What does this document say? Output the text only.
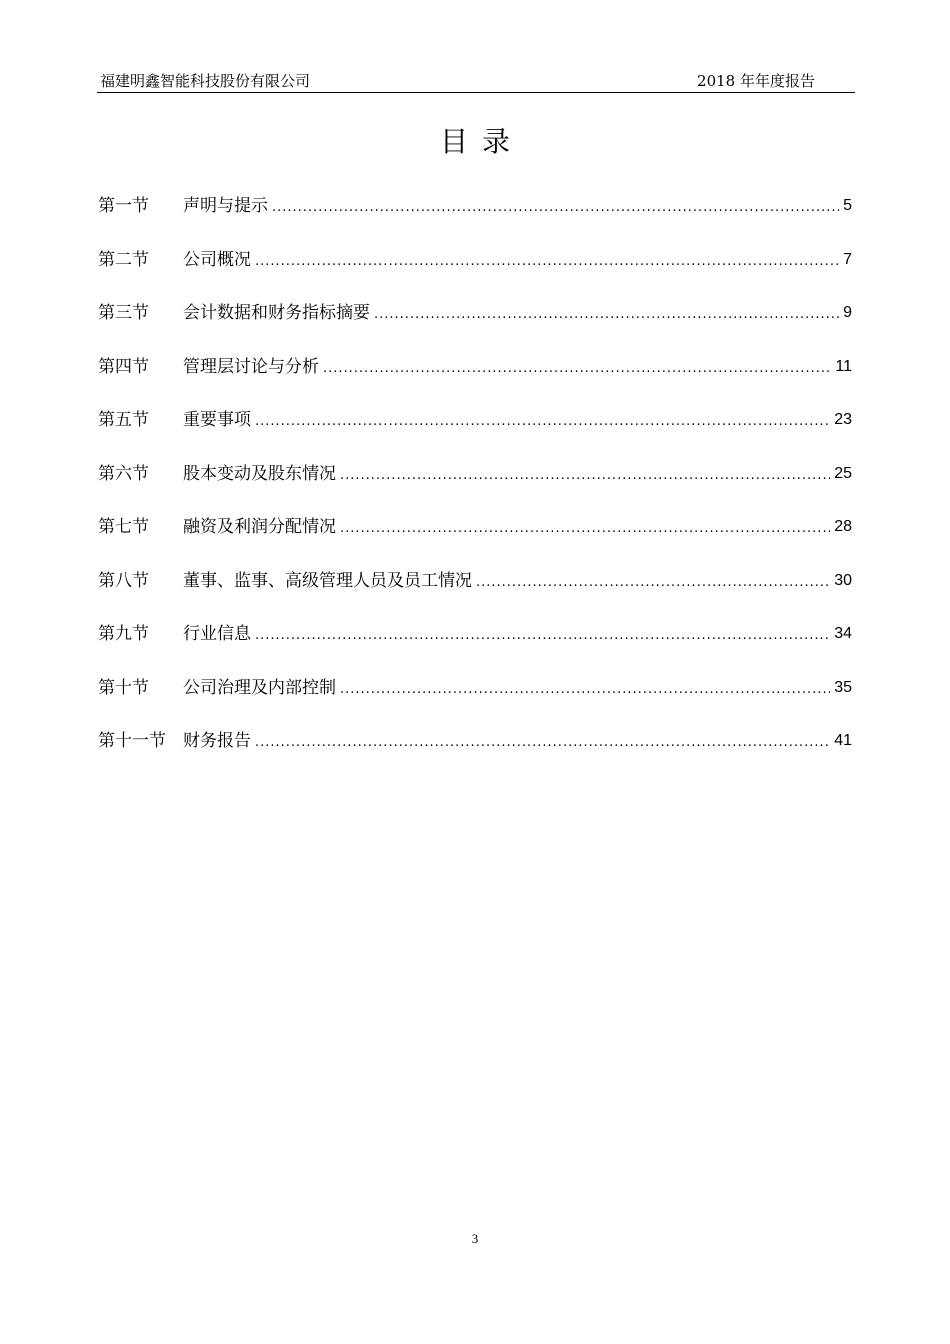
福建明鑫智能科技股份有限公司	2018 年年度报告
目录
第一节	声明与提示 .....	5
第二节	公司概况 .....	7
第三节	会计数据和财务指标摘要 .....	9
第四节	管理层讨论与分析 .....	11
第五节	重要事项 .....	23
第六节	股本变动及股东情况 .....	25
第七节	融资及利润分配情况 .....	28
第八节	董事、监事、高级管理人员及员工情况 .....	30
第九节	行业信息 .....	34
第十节	公司治理及内部控制 .....	35
第十一节	财务报告 .....	41
3
